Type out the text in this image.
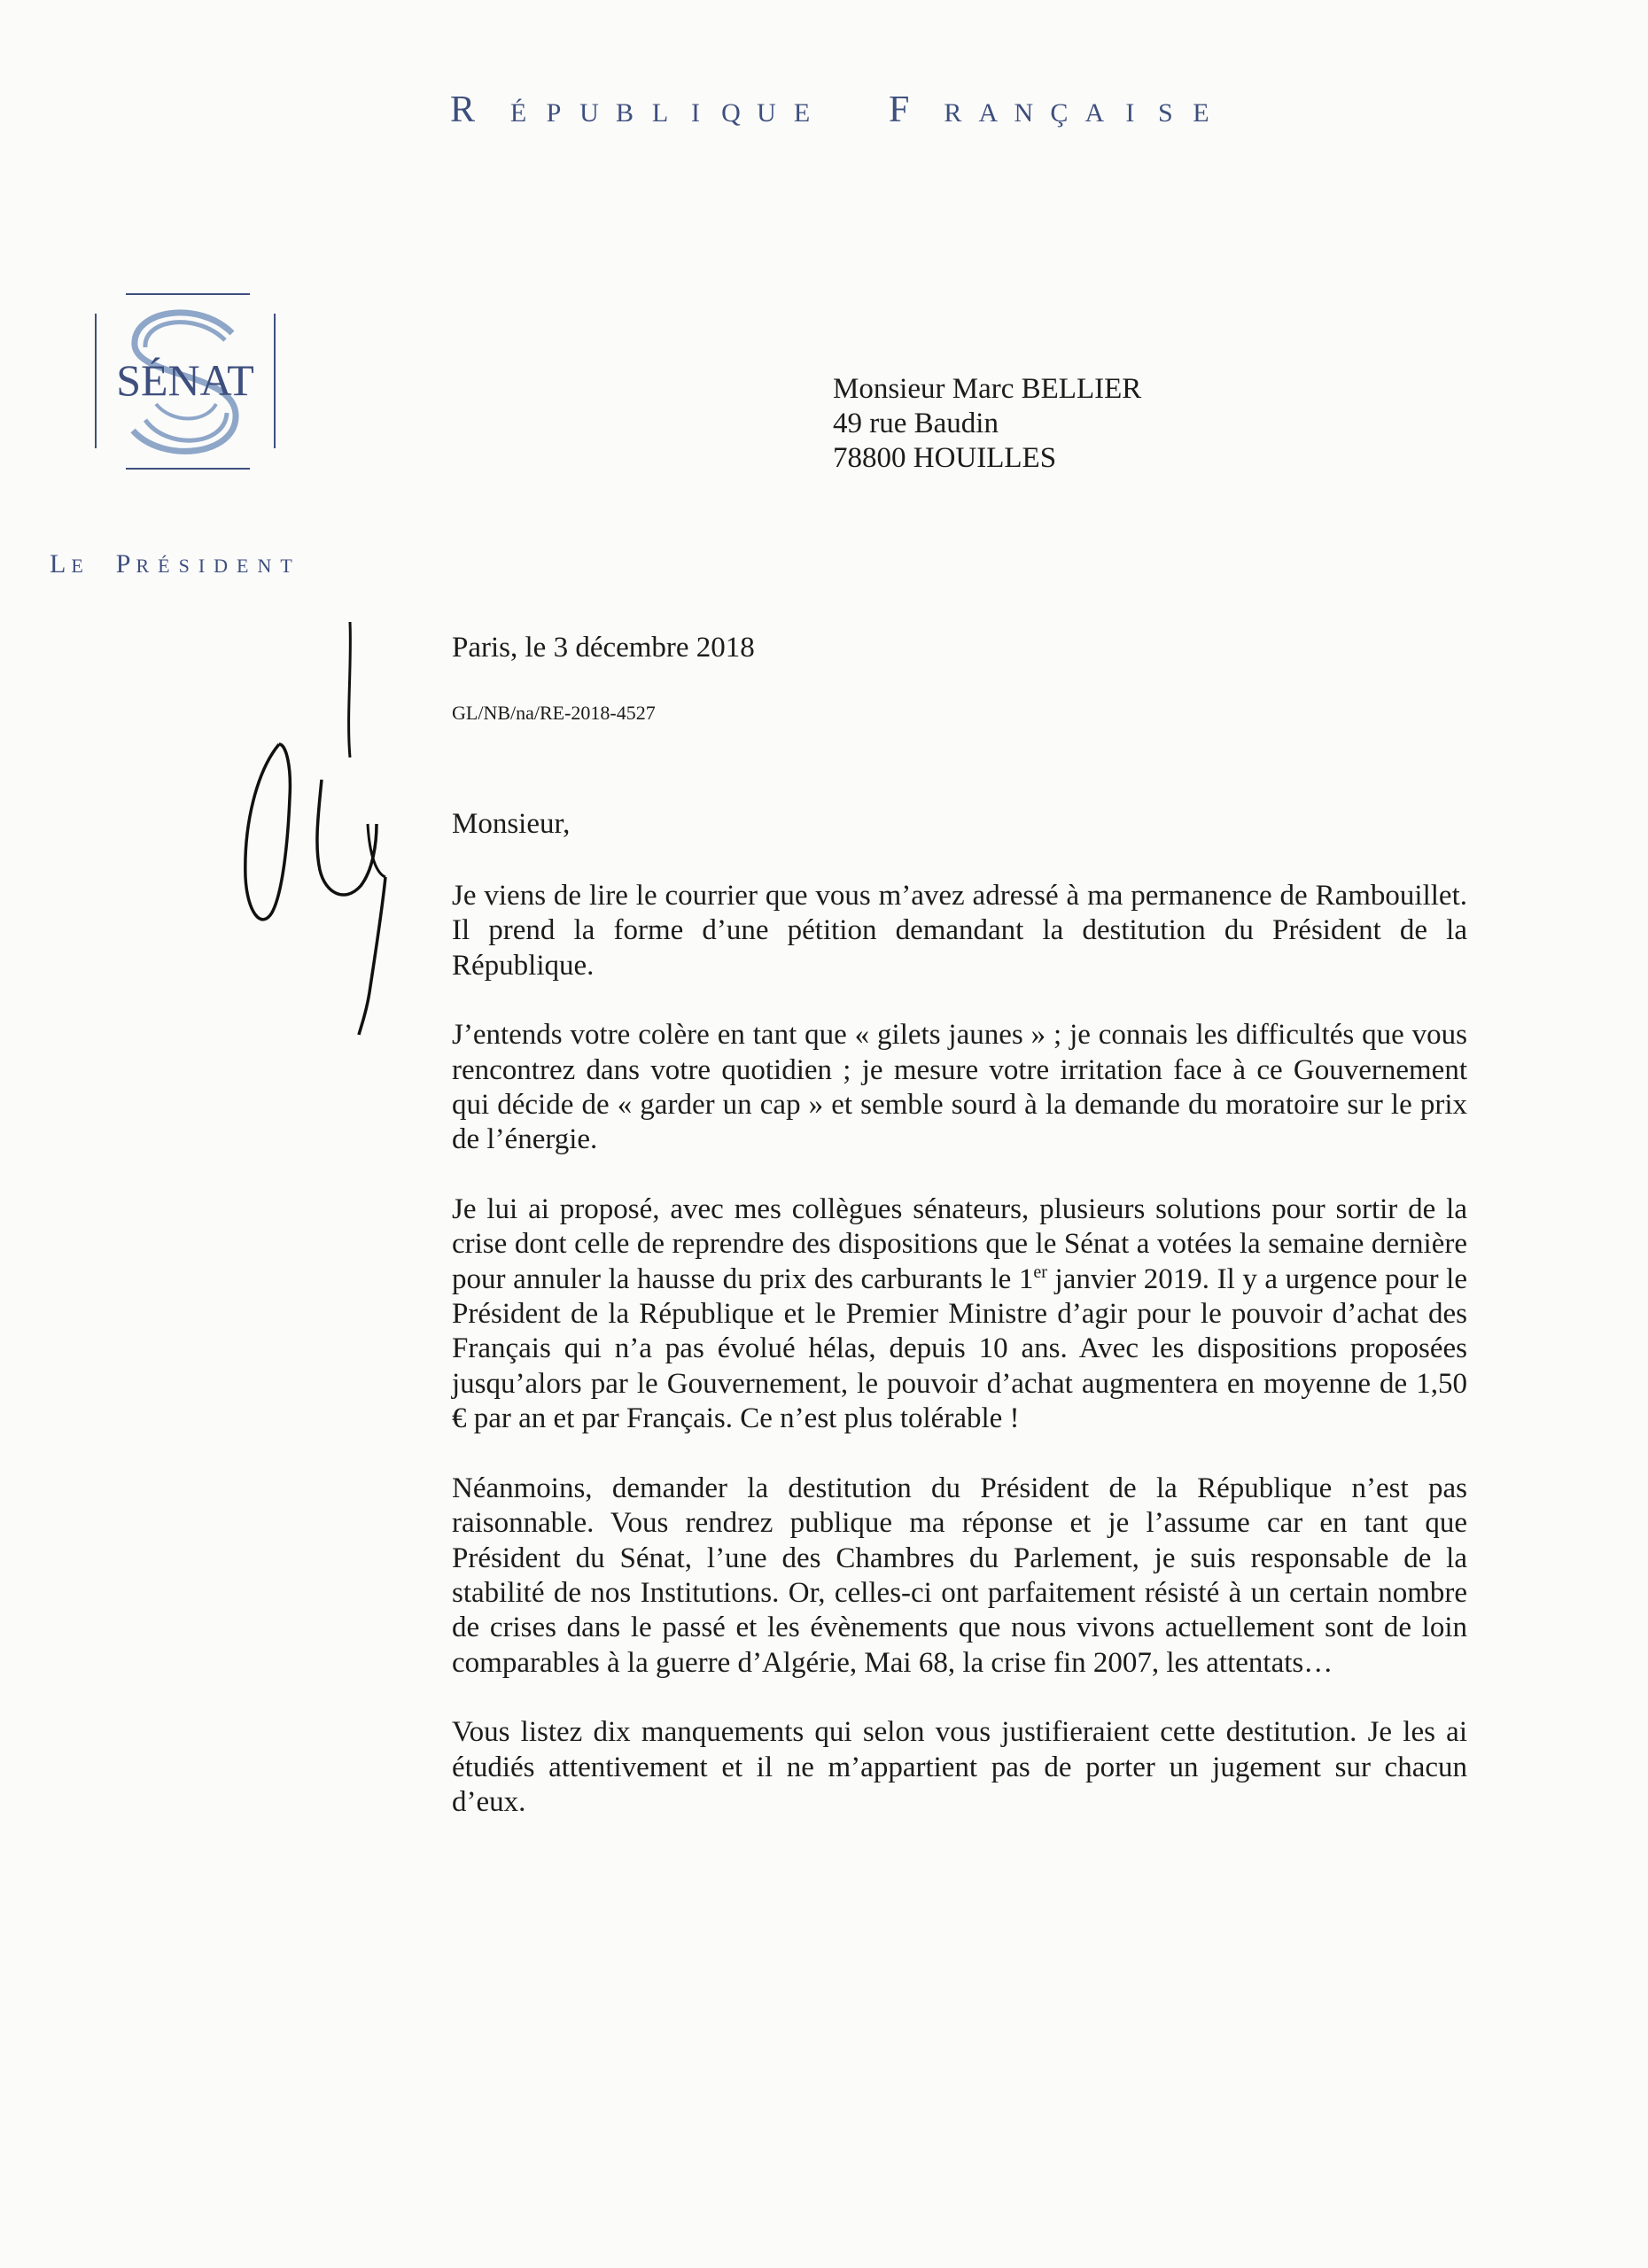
R É P U B L I Q U E F R A N Ç A I S E
SÉNAT
LE PRÉSIDENT
Monsieur Marc BELLIER
49 rue Baudin
78800 HOUILLES
Paris, le 3 décembre 2018
GL/NB/na/RE-2018-4527
Monsieur,

Je viens de lire le courrier que vous m’avez adressé à ma permanence de Rambouillet. Il prend la forme d’une pétition demandant la destitution du Président de la République.

J’entends votre colère en tant que « gilets jaunes » ; je connais les difficultés que vous rencontrez dans votre quotidien ; je mesure votre irritation face à ce Gouvernement qui décide de « garder un cap » et semble sourd à la demande du moratoire sur le prix de l’énergie.

Je lui ai proposé, avec mes collègues sénateurs, plusieurs solutions pour sortir de la crise dont celle de reprendre des dispositions que le Sénat a votées la semaine dernière pour annuler la hausse du prix des carburants le 1er janvier 2019. Il y a urgence pour le Président de la République et le Premier Ministre d’agir pour le pouvoir d’achat des Français qui n’a pas évolué hélas, depuis 10 ans. Avec les dispositions proposées jusqu’alors par le Gouvernement, le pouvoir d’achat augmentera en moyenne de 1,50 € par an et par Français. Ce n’est plus tolérable !

Néanmoins, demander la destitution du Président de la République n’est pas raisonnable. Vous rendrez publique ma réponse et je l’assume car en tant que Président du Sénat, l’une des Chambres du Parlement, je suis responsable de la stabilité de nos Institutions. Or, celles-ci ont parfaitement résisté à un certain nombre de crises dans le passé et les évènements que nous vivons actuellement sont de loin comparables à la guerre d’Algérie, Mai 68, la crise fin 2007, les attentats…

Vous listez dix manquements qui selon vous justifieraient cette destitution. Je les ai étudiés attentivement et il ne m’appartient pas de porter un jugement sur chacun d’eux.
